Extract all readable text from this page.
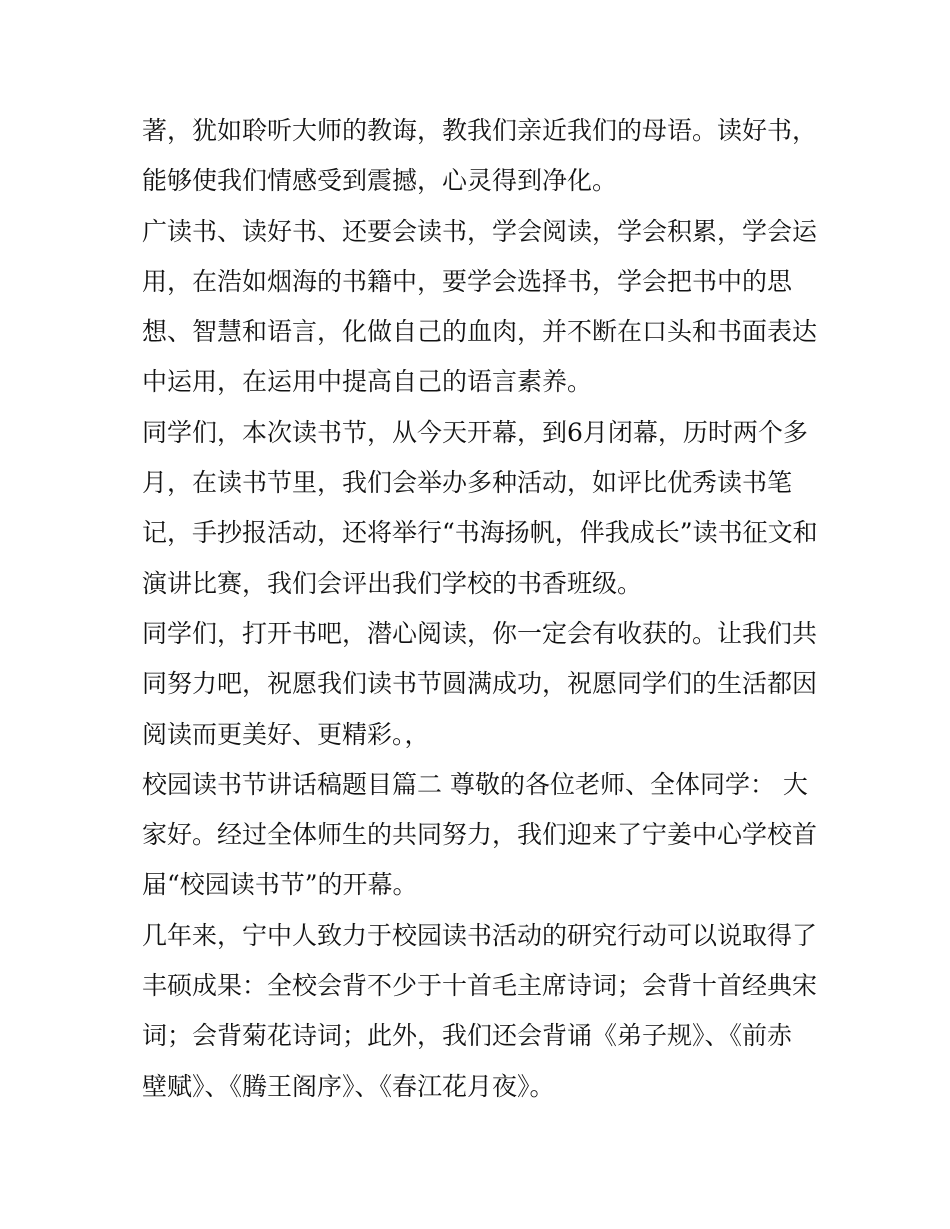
著，犹如聆听大师的教诲，教我们亲近我们的母语。读好书，
能够使我们情感受到震撼，心灵得到净化。
广读书、读好书、还要会读书，学会阅读，学会积累，学会运
用，在浩如烟海的书籍中，要学会选择书，学会把书中的思
想、智慧和语言，化做自己的血肉，并不断在口头和书面表达
中运用，在运用中提高自己的语言素养。
同学们，本次读书节，从今天开幕，到6月闭幕，历时两个多
月，在读书节里，我们会举办多种活动，如评比优秀读书笔
记，手抄报活动，还将举行“书海扬帆，伴我成长”读书征文和
演讲比赛，我们会评出我们学校的书香班级。
同学们，打开书吧，潜心阅读，你一定会有收获的。让我们共
同努力吧，祝愿我们读书节圆满成功，祝愿同学们的生活都因
阅读而更美好、更精彩。，
校园读书节讲话稿题目篇二 尊敬的各位老师、全体同学： 大
家好。经过全体师生的共同努力，我们迎来了宁姜中心学校首
届“校园读书节”的开幕。
几年来，宁中人致力于校园读书活动的研究行动可以说取得了
丰硕成果：全校会背不少于十首毛主席诗词；会背十首经典宋
词；会背菊花诗词；此外，我们还会背诵《弟子规》、《前赤
壁赋》、《腾王阁序》、《春江花月夜》。
